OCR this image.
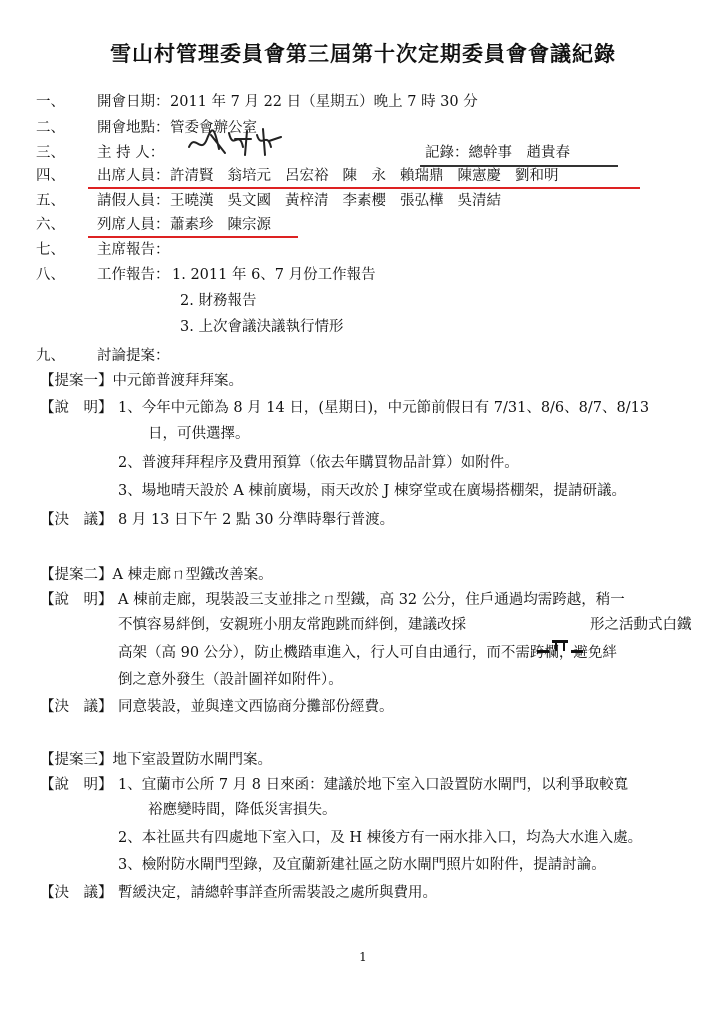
雪山村管理委員會第三屆第十次定期委員會會議紀錄
一、 開會日期： 2011 年 7 月 22 日（星期五）晚上 7 時 30 分
二、 開會地點： 管委會辦公室
三、 主 持 人：	記錄：總幹事　趙貴春
四、 出席人員： 許清賢 翁培元 呂宏裕 陳　永 賴瑞鼎 陳憲慶 劉和明
五、 請假人員： 王曉漢 吳文國 黃梓清 李素櫻 張弘樺 吳清結
六、 列席人員： 蕭素珍 陳宗源
七、 主席報告：
八、 工作報告： 1. 2011 年 6、7 月份工作報告
2. 財務報告
3. 上次會議決議執行情形
九、 討論提案：
【提案一】中元節普渡拜拜案。
【說　明】 1、今年中元節為 8 月 14 日，(星期日)，中元節前假日有 7/31、8/6、8/7、8/13
日，可供選擇。
2、普渡拜拜程序及費用預算（依去年購買物品計算）如附件。
3、場地晴天設於 A 棟前廣場，雨天改於 J 棟穿堂或在廣場搭棚架，提請研議。
【決　議】 8 月 13 日下午 2 點 30 分準時舉行普渡。
【提案二】A 棟走廊ㄇ型鐵改善案。
【說　明】 A 棟前走廊，現裝設三支並排之ㄇ型鐵，高 32 公分，住戶通過均需跨越，稍一
不慎容易絆倒，安親班小朋友常跑跳而絆倒，建議改採	形之活動式白鐵
高架（高 90 公分），防止機踏車進入，行人可自由通行，而不需跨欄，避免絆
倒之意外發生（設計圖祥如附件）。
【決　議】 同意裝設，並與達文西協商分攤部份經費。
【提案三】地下室設置防水閘門案。
【說　明】 1、宜蘭市公所 7 月 8 日來函：建議於地下室入口設置防水閘門，以利爭取較寬
裕應變時間，降低災害損失。
2、本社區共有四處地下室入口，及 H 棟後方有一兩水排入口，均為大水進入處。
3、檢附防水閘門型錄，及宜蘭新建社區之防水閘門照片如附件，提請討論。
【決　議】 暫緩決定，請總幹事詳查所需裝設之處所與費用。
1
